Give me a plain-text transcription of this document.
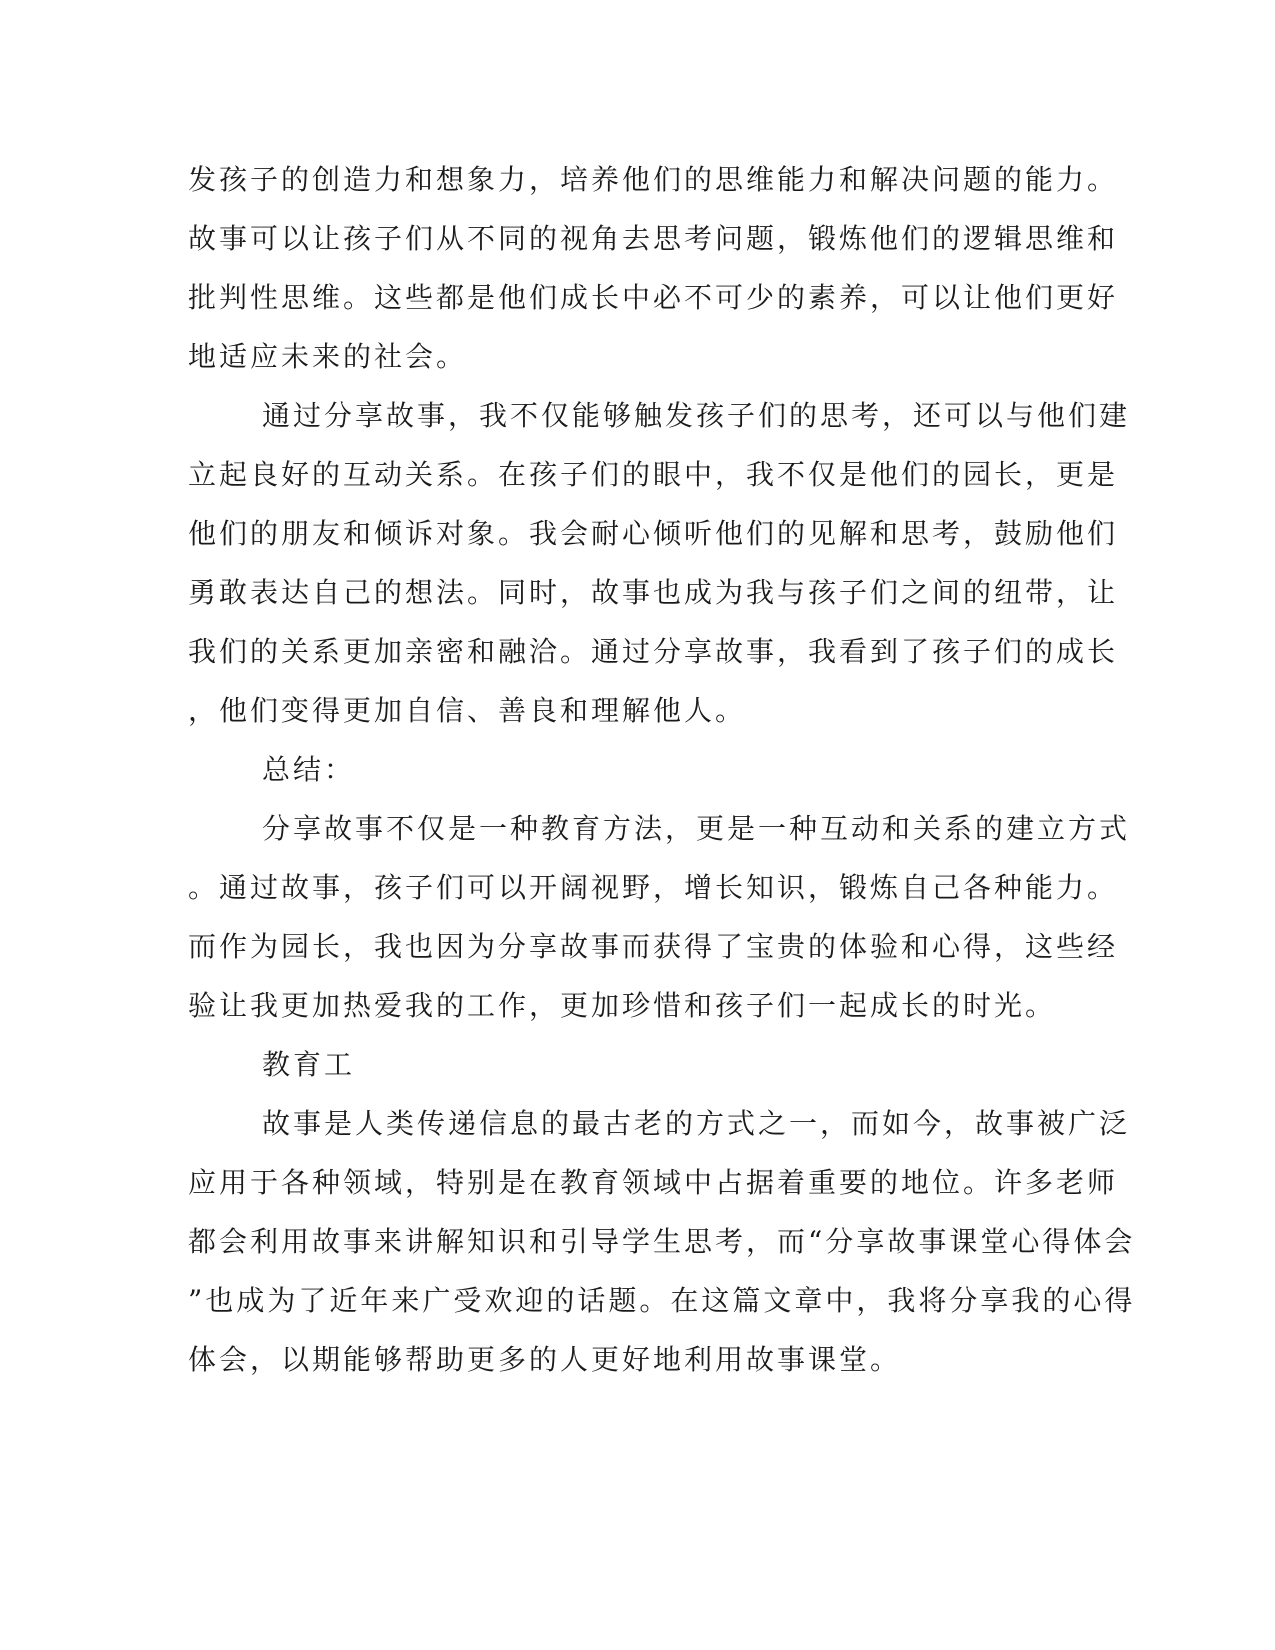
发孩子的创造力和想象力，培养他们的思维能力和解决问题的能力。
故事可以让孩子们从不同的视角去思考问题，锻炼他们的逻辑思维和
批判性思维。这些都是他们成长中必不可少的素养，可以让他们更好
地适应未来的社会。
通过分享故事，我不仅能够触发孩子们的思考，还可以与他们建
立起良好的互动关系。在孩子们的眼中，我不仅是他们的园长，更是
他们的朋友和倾诉对象。我会耐心倾听他们的见解和思考，鼓励他们
勇敢表达自己的想法。同时，故事也成为我与孩子们之间的纽带，让
我们的关系更加亲密和融洽。通过分享故事，我看到了孩子们的成长
，他们变得更加自信、善良和理解他人。
总结：
分享故事不仅是一种教育方法，更是一种互动和关系的建立方式
。通过故事，孩子们可以开阔视野，增长知识，锻炼自己各种能力。
而作为园长，我也因为分享故事而获得了宝贵的体验和心得，这些经
验让我更加热爱我的工作，更加珍惜和孩子们一起成长的时光。
教育工
故事是人类传递信息的最古老的方式之一，而如今，故事被广泛
应用于各种领域，特别是在教育领域中占据着重要的地位。许多老师
都会利用故事来讲解知识和引导学生思考，而“分享故事课堂心得体会
”也成为了近年来广受欢迎的话题。在这篇文章中，我将分享我的心得
体会，以期能够帮助更多的人更好地利用故事课堂。
